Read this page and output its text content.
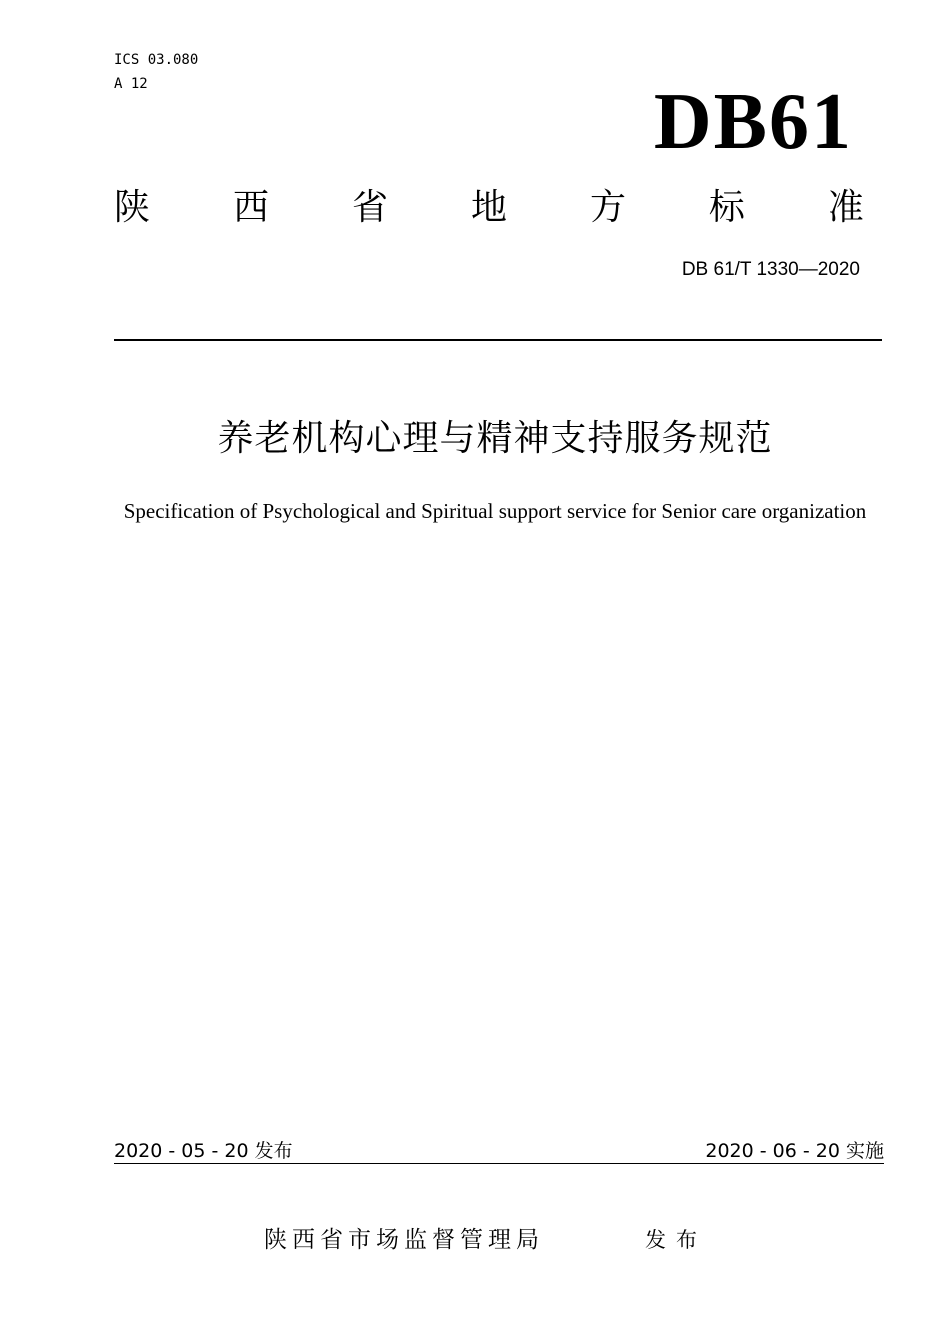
ICS 03.080
A 12	DB61
陕 西 省 地 方 标 准
DB 61/T 1330—2020
养老机构心理与精神支持服务规范
Specification of Psychological and Spiritual support service for Senior care organization
2020 - 05 - 20 发布	2020 - 06 - 20 实施
陕西省市场监督管理局	发布
